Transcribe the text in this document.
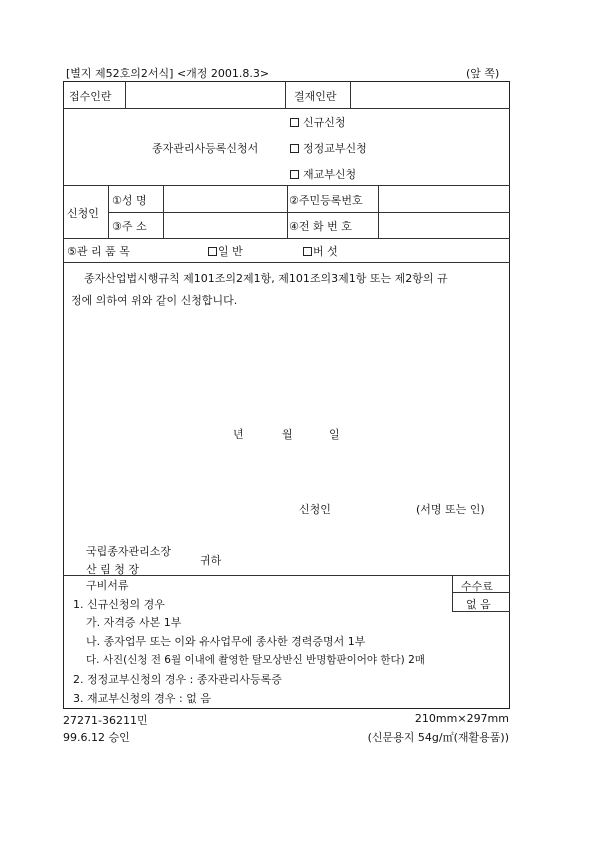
[별지 제52호의2서식] <개정 2001.8.3>	(앞 쪽)
접수인란	결재인란
종자관리사등록신청서
신규신청
정정교부신청
재교부신청
신청인
①성 명	②주민등록번호
③주 소	④전 화 번 호
⑤관 리 품 목	일 반	버 섯
종자산업법시행규칙 제101조의2제1항, 제101조의3제1항 또는 제2항의 규
정에 의하여 위와 같이 신청합니다.
년	월	일
신청인	(서명 또는 인)
국립종자관리소장
산 림 청 장
귀하
구비서류	수수료
없 음
1. 신규신청의 경우
가. 자격증 사본 1부
나. 종자업무 또는 이와 유사업무에 종사한 경력증명서 1부
다. 사진(신청 전 6월 이내에 촬영한 탈모상반신 반명함판이어야 한다) 2매
2. 정정교부신청의 경우 : 종자관리사등록증
3. 재교부신청의 경우 : 없 음
27271-36211민
99.6.12 승인
210mm×297mm
(신문용지 54g/㎡(재활용품))
